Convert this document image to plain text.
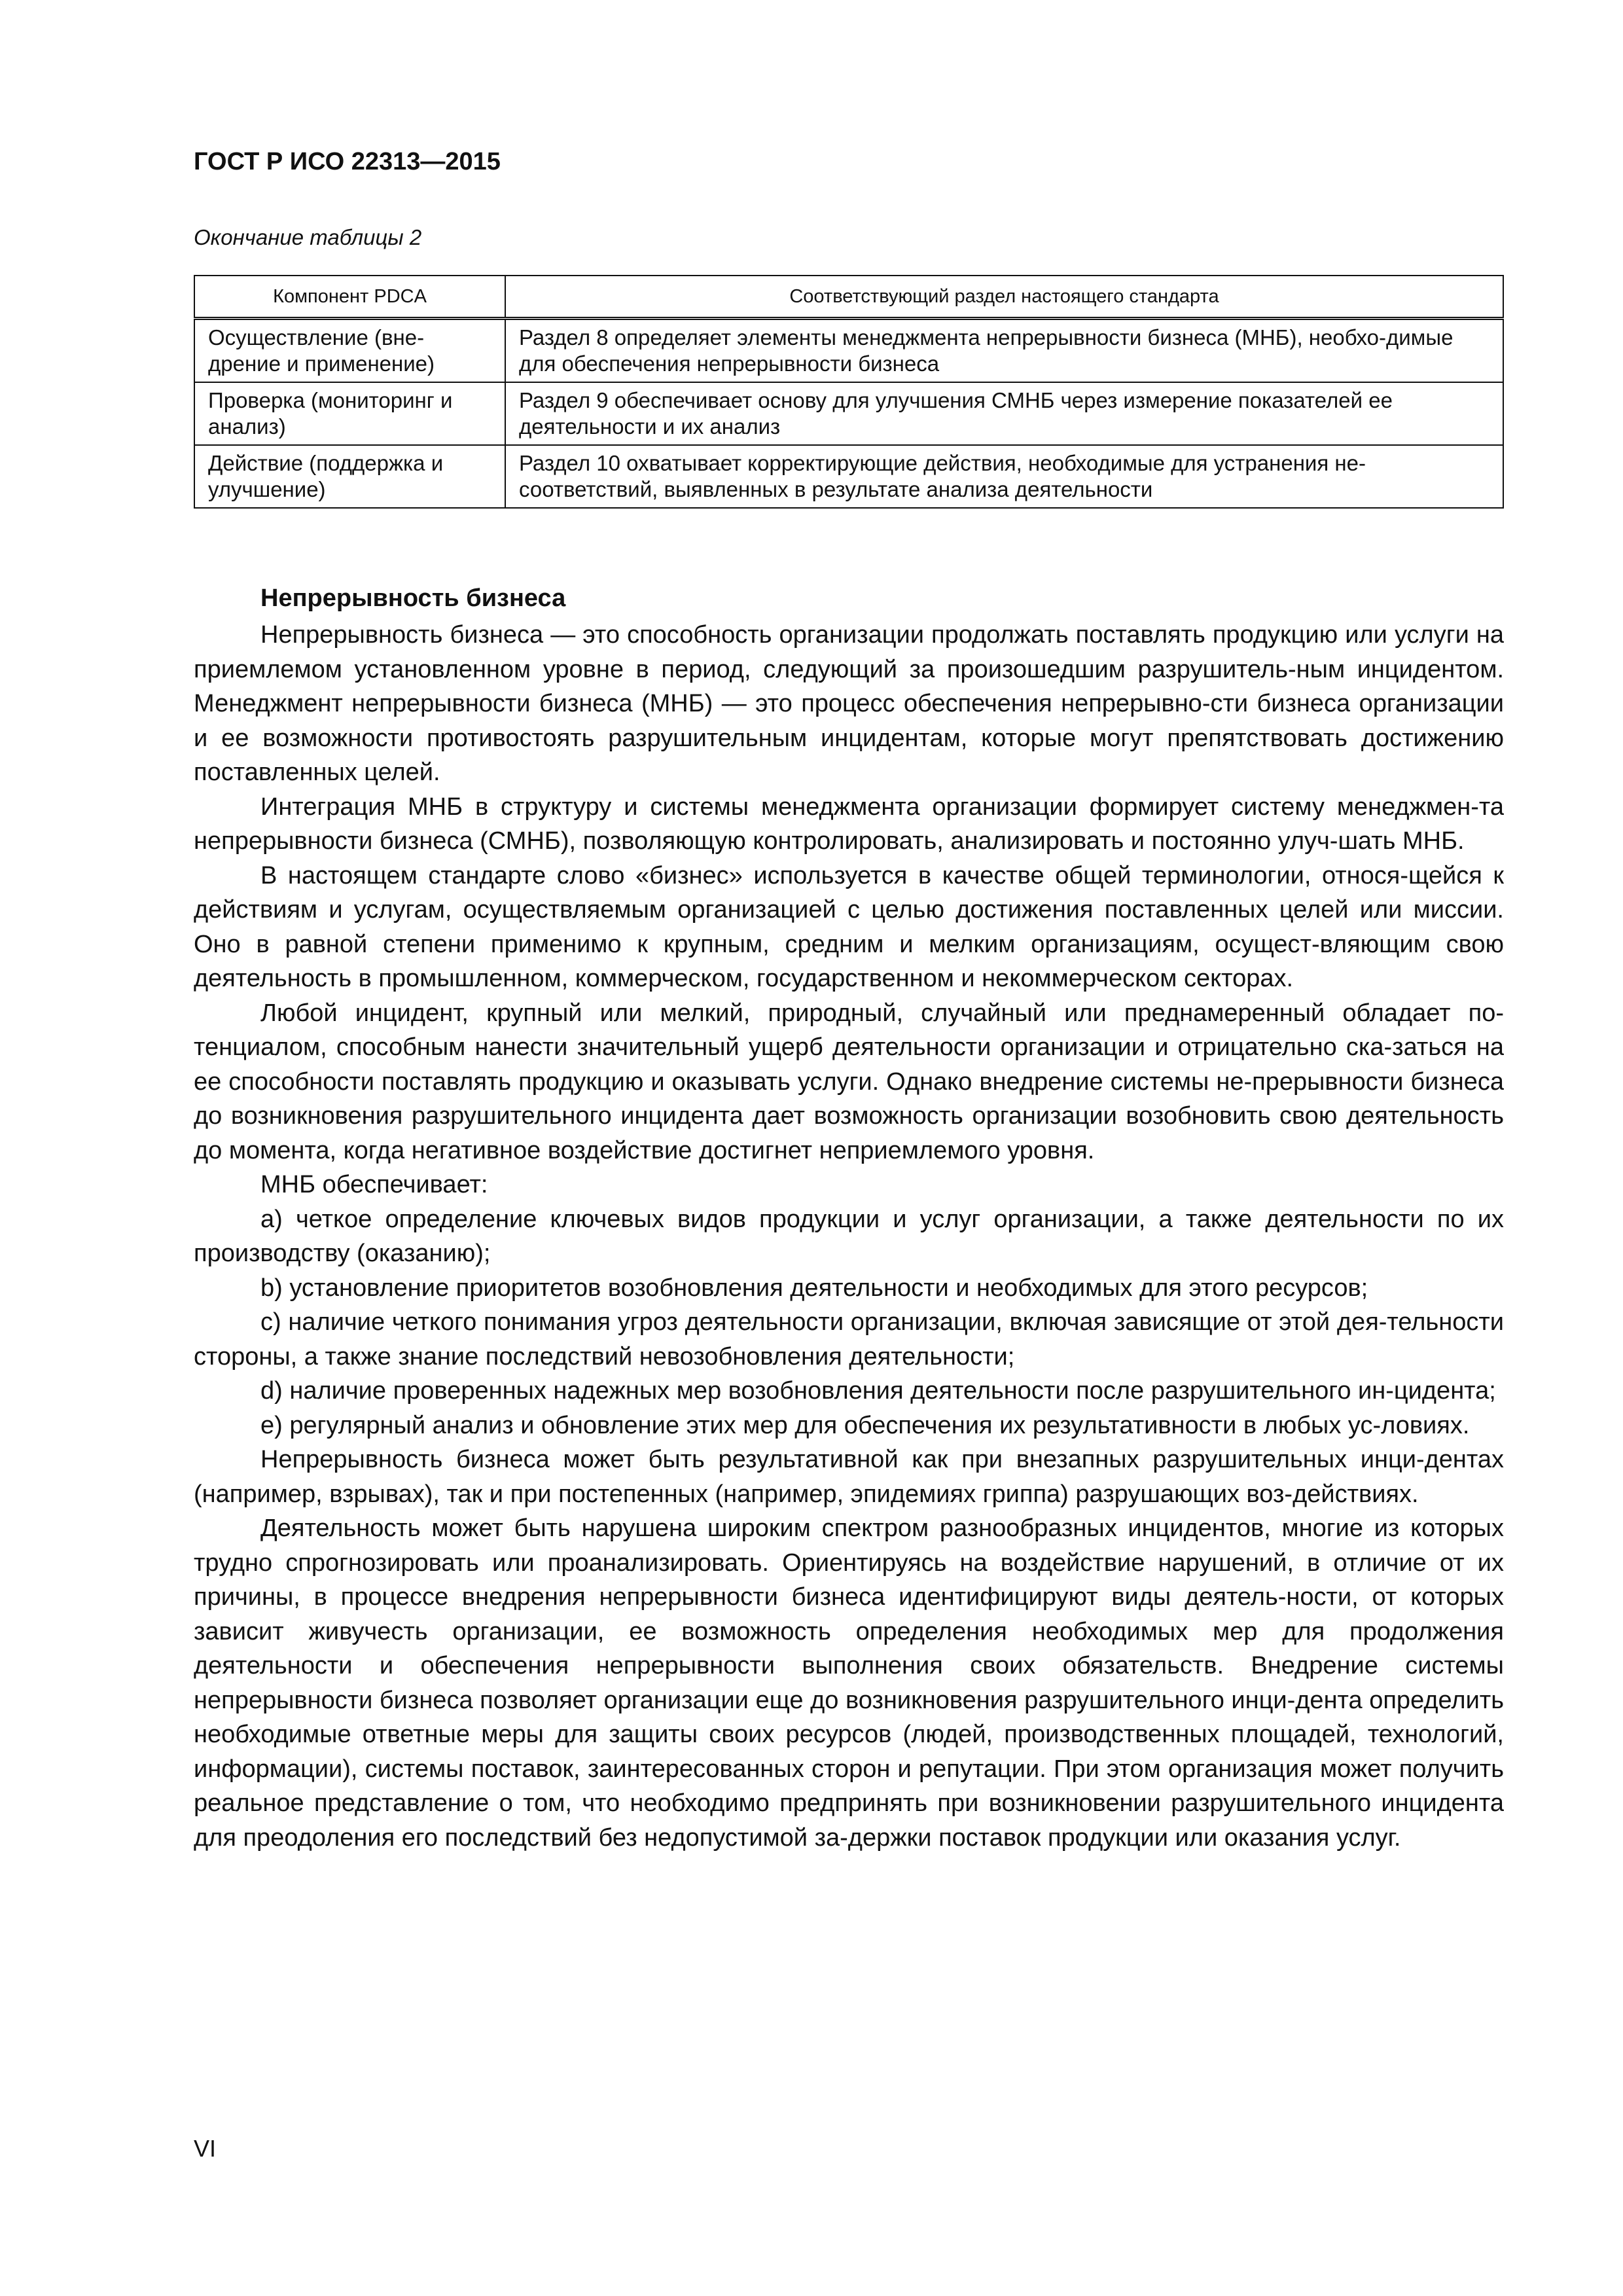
ГОСТ Р ИСО 22313—2015
Окончание таблицы 2
Компонент PDCA	Соответствующий раздел настоящего стандарта
Осуществление (вне-дрение и применение)	Раздел 8 определяет элементы менеджмента непрерывности бизнеса (МНБ), необхо-димые для обеспечения непрерывности бизнеса
Проверка (мониторинг и анализ)	Раздел 9 обеспечивает основу для улучшения СМНБ через измерение показателей ее деятельности и их анализ
Действие (поддержка и улучшение)	Раздел 10 охватывает корректирующие действия, необходимые для устранения не-соответствий, выявленных в результате анализа деятельности
Непрерывность бизнеса

Непрерывность бизнеса — это способность организации продолжать поставлять продукцию или услуги на приемлемом установленном уровне в период, следующий за произошедшим разрушитель-ным инцидентом. Менеджмент непрерывности бизнеса (МНБ) — это процесс обеспечения непрерывно-сти бизнеса организации и ее возможности противостоять разрушительным инцидентам, которые могут препятствовать достижению поставленных целей.

Интеграция МНБ в структуру и системы менеджмента организации формирует систему менеджмен-та непрерывности бизнеса (СМНБ), позволяющую контролировать, анализировать и постоянно улуч-шать МНБ.

В настоящем стандарте слово «бизнес» используется в качестве общей терминологии, относя-щейся к действиям и услугам, осуществляемым организацией с целью достижения поставленных целей или миссии. Оно в равной степени применимо к крупным, средним и мелким организациям, осущест-вляющим свою деятельность в промышленном, коммерческом, государственном и некоммерческом секторах.

Любой инцидент, крупный или мелкий, природный, случайный или преднамеренный обладает по-тенциалом, способным нанести значительный ущерб деятельности организации и отрицательно ска-заться на ее способности поставлять продукцию и оказывать услуги. Однако внедрение системы не-прерывности бизнеса до возникновения разрушительного инцидента дает возможность организации возобновить свою деятельность до момента, когда негативное воздействие достигнет неприемлемого уровня.

МНБ обеспечивает:

a) четкое определение ключевых видов продукции и услуг организации, а также деятельности по их производству (оказанию);

b) установление приоритетов возобновления деятельности и необходимых для этого ресурсов;

c) наличие четкого понимания угроз деятельности организации, включая зависящие от этой дея-тельности стороны, а также знание последствий невозобновления деятельности;

d) наличие проверенных надежных мер возобновления деятельности после разрушительного ин-цидента;

e) регулярный анализ и обновление этих мер для обеспечения их результативности в любых ус-ловиях.

Непрерывность бизнеса может быть результативной как при внезапных разрушительных инци-дентах (например, взрывах), так и при постепенных (например, эпидемиях гриппа) разрушающих воз-действиях.

Деятельность может быть нарушена широким спектром разнообразных инцидентов, многие из которых трудно спрогнозировать или проанализировать. Ориентируясь на воздействие нарушений, в отличие от их причины, в процессе внедрения непрерывности бизнеса идентифицируют виды деятель-ности, от которых зависит живучесть организации, ее возможность определения необходимых мер для продолжения деятельности и обеспечения непрерывности выполнения своих обязательств. Внедрение системы непрерывности бизнеса позволяет организации еще до возникновения разрушительного инци-дента определить необходимые ответные меры для защиты своих ресурсов (людей, производственных площадей, технологий, информации), системы поставок, заинтересованных сторон и репутации. При этом организация может получить реальное представление о том, что необходимо предпринять при возникновении разрушительного инцидента для преодоления его последствий без недопустимой за-держки поставок продукции или оказания услуг.

VI
